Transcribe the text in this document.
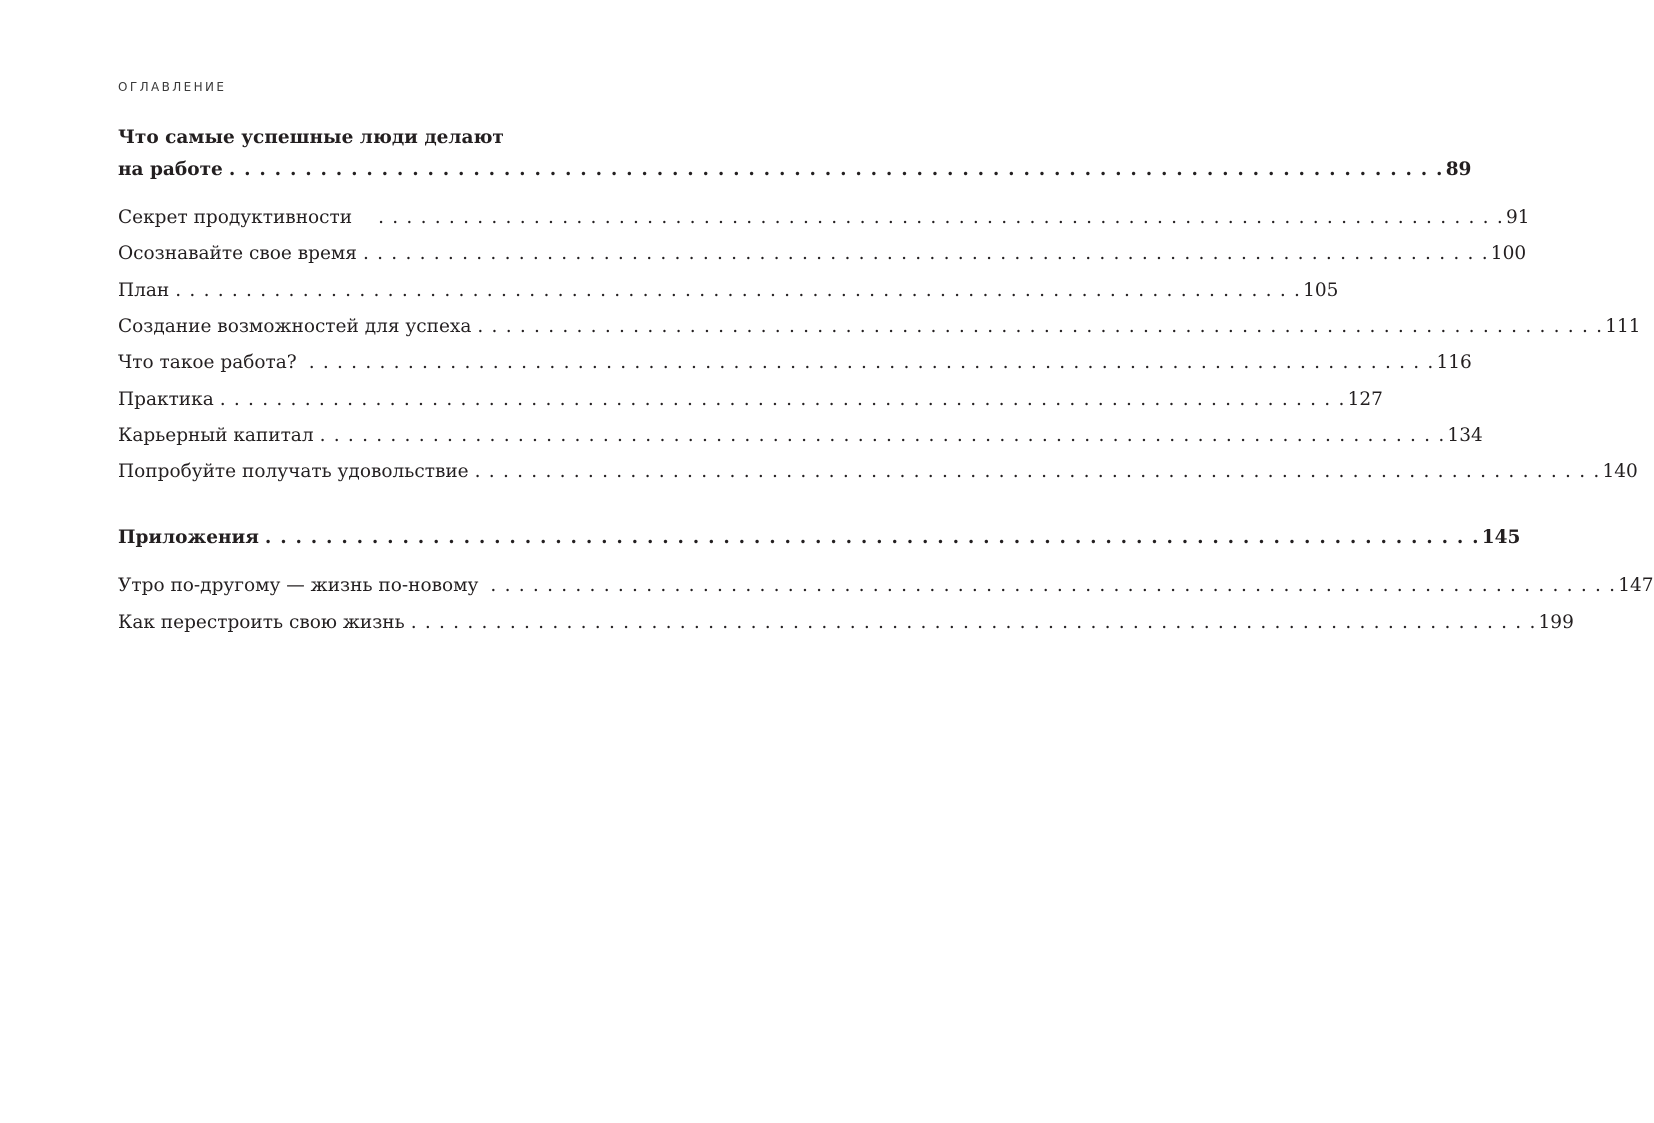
ОГЛАВЛЕНИЕ
Что самые успешные люди делают
на работе . . . . . . . . . . . . . . . . . . . . . . . . . . . . . . . . . . . . . . . . . . . . . . . . . . . . . . . . . . . . . . . . . . . . . . . . . . . . . . . . 89
Секрет продуктивности . . . . . . . . . . . . . . . . . . . . . . . . . . . . . . . . . . . . . . . . . . . . . . . . . . . . . . . . . . . . . . . . . . . . . . . . . . . . . . . . 91
Осознавайте свое время . . . . . . . . . . . . . . . . . . . . . . . . . . . . . . . . . . . . . . . . . . . . . . . . . . . . . . . . . . . . . . . . . . . . . . . . . . . . . . . . 100
План . . . . . . . . . . . . . . . . . . . . . . . . . . . . . . . . . . . . . . . . . . . . . . . . . . . . . . . . . . . . . . . . . . . . . . . . . . . . . . . . 105
Создание возможностей для успеха . . . . . . . . . . . . . . . . . . . . . . . . . . . . . . . . . . . . . . . . . . . . . . . . . . . . . . . . . . . . . . . . . . . . . . . . . . . . . . . . 111
Что такое работа? . . . . . . . . . . . . . . . . . . . . . . . . . . . . . . . . . . . . . . . . . . . . . . . . . . . . . . . . . . . . . . . . . . . . . . . . . . . . . . . . 116
Практика . . . . . . . . . . . . . . . . . . . . . . . . . . . . . . . . . . . . . . . . . . . . . . . . . . . . . . . . . . . . . . . . . . . . . . . . . . . . . . . . 127
Карьерный капитал . . . . . . . . . . . . . . . . . . . . . . . . . . . . . . . . . . . . . . . . . . . . . . . . . . . . . . . . . . . . . . . . . . . . . . . . . . . . . . . . 134
Попробуйте получать удовольствие . . . . . . . . . . . . . . . . . . . . . . . . . . . . . . . . . . . . . . . . . . . . . . . . . . . . . . . . . . . . . . . . . . . . . . . . . . . . . . . . 140
Приложения . . . . . . . . . . . . . . . . . . . . . . . . . . . . . . . . . . . . . . . . . . . . . . . . . . . . . . . . . . . . . . . . . . . . . . . . . . . . . . . . 145
Утро по-другому — жизнь по-новому . . . . . . . . . . . . . . . . . . . . . . . . . . . . . . . . . . . . . . . . . . . . . . . . . . . . . . . . . . . . . . . . . . . . . . . . . . . . . . . . 147
Как перестроить свою жизнь . . . . . . . . . . . . . . . . . . . . . . . . . . . . . . . . . . . . . . . . . . . . . . . . . . . . . . . . . . . . . . . . . . . . . . . . . . . . . . . . 199
